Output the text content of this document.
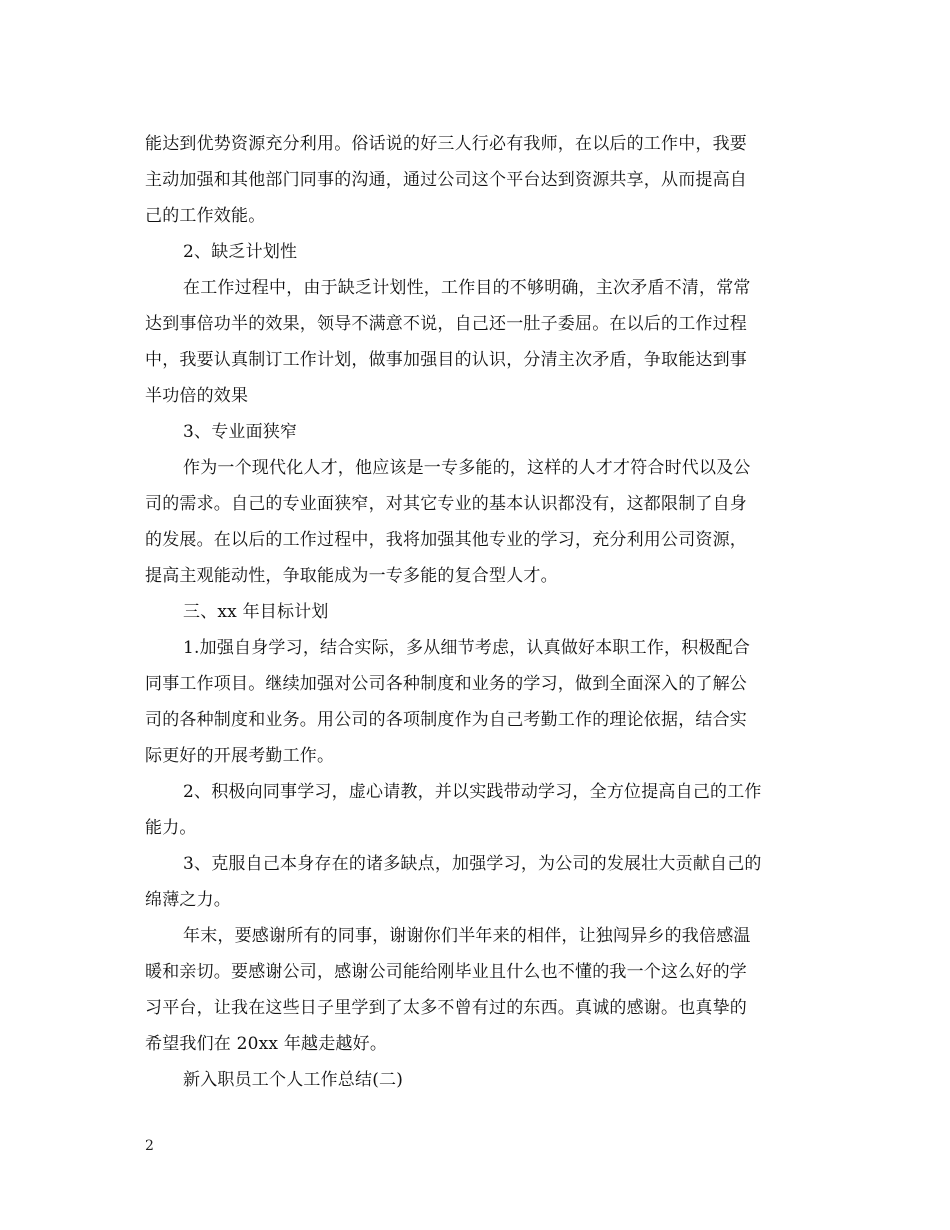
能达到优势资源充分利用。俗话说的好三人行必有我师，在以后的工作中，我要
主动加强和其他部门同事的沟通，通过公司这个平台达到资源共享，从而提高自
己的工作效能。
2、缺乏计划性
在工作过程中，由于缺乏计划性，工作目的不够明确，主次矛盾不清，常常
达到事倍功半的效果，领导不满意不说，自己还一肚子委屈。在以后的工作过程
中，我要认真制订工作计划，做事加强目的认识，分清主次矛盾，争取能达到事
半功倍的效果
3、专业面狭窄
作为一个现代化人才，他应该是一专多能的，这样的人才才符合时代以及公
司的需求。自己的专业面狭窄，对其它专业的基本认识都没有，这都限制了自身
的发展。在以后的工作过程中，我将加强其他专业的学习，充分利用公司资源，
提高主观能动性，争取能成为一专多能的复合型人才。
三、xx 年目标计划
1.加强自身学习，结合实际，多从细节考虑，认真做好本职工作，积极配合
同事工作项目。继续加强对公司各种制度和业务的学习，做到全面深入的了解公
司的各种制度和业务。用公司的各项制度作为自己考勤工作的理论依据，结合实
际更好的开展考勤工作。
2、积极向同事学习，虚心请教，并以实践带动学习，全方位提高自己的工作
能力。
3、克服自己本身存在的诸多缺点，加强学习，为公司的发展壮大贡献自己的
绵薄之力。
年末，要感谢所有的同事，谢谢你们半年来的相伴，让独闯异乡的我倍感温
暖和亲切。要感谢公司，感谢公司能给刚毕业且什么也不懂的我一个这么好的学
习平台，让我在这些日子里学到了太多不曾有过的东西。真诚的感谢。也真挚的
希望我们在 20xx 年越走越好。
新入职员工个人工作总结(二)
2
